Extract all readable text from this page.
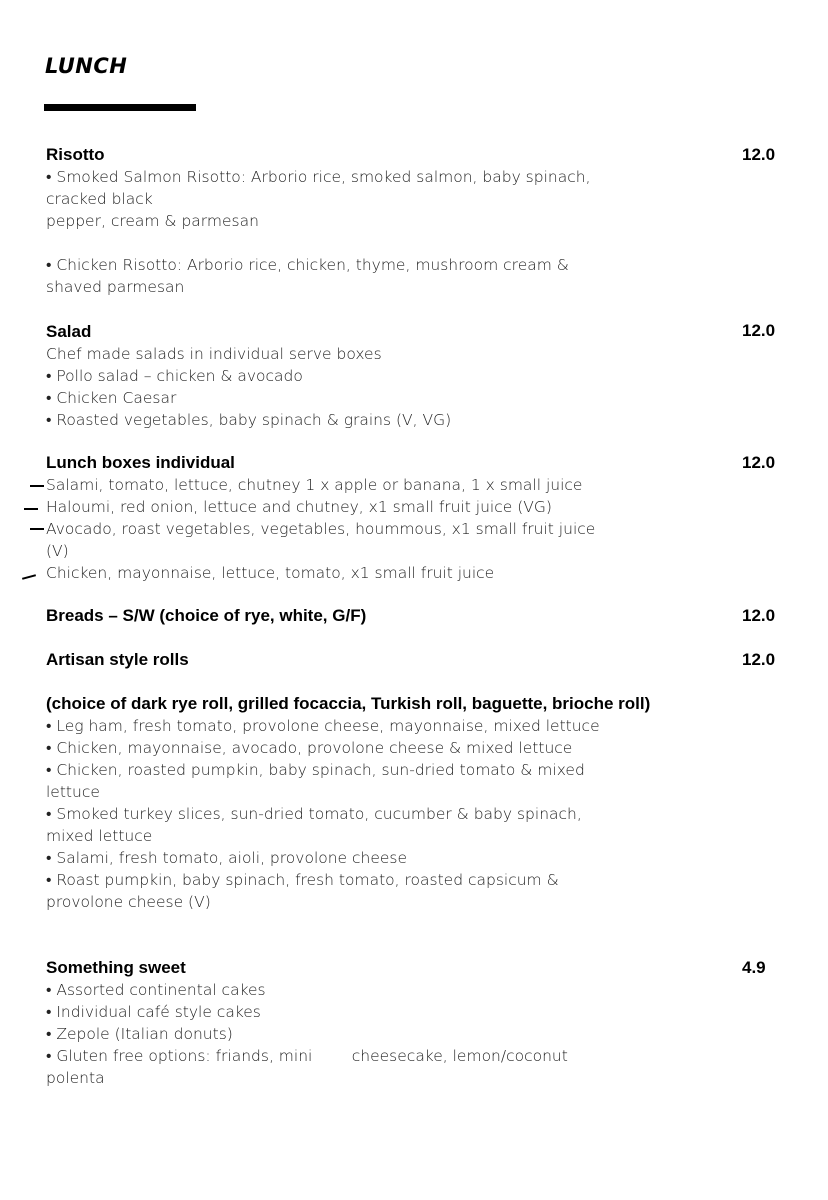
LUNCH
Risotto
• Smoked Salmon Risotto: Arborio rice, smoked salmon, baby spinach,
cracked black
pepper, cream & parmesan
• Chicken Risotto: Arborio rice, chicken, thyme, mushroom cream &
shaved parmesan
12.0
Salad
Chef made salads in individual serve boxes
• Pollo salad – chicken & avocado
• Chicken Caesar
• Roasted vegetables, baby spinach & grains (V, VG)
12.0
Lunch boxes individual
Salami, tomato, lettuce, chutney 1 x apple or banana, 1 x small juice
Haloumi, red onion, lettuce and chutney, x1 small fruit juice (VG)
Avocado, roast vegetables, vegetables, hoummous, x1 small fruit juice
(V)
Chicken, mayonnaise, lettuce, tomato, x1 small fruit juice
12.0
Breads – S/W (choice of rye, white, G/F)	12.0
Artisan style rolls	12.0
(choice of dark rye roll, grilled focaccia, Turkish roll, baguette, brioche roll)
• Leg ham, fresh tomato, provolone cheese, mayonnaise, mixed lettuce
• Chicken, mayonnaise, avocado, provolone cheese & mixed lettuce
• Chicken, roasted pumpkin, baby spinach, sun-dried tomato & mixed
lettuce
• Smoked turkey slices, sun-dried tomato, cucumber & baby spinach,
mixed lettuce
• Salami, fresh tomato, aioli, provolone cheese
• Roast pumpkin, baby spinach, fresh tomato, roasted capsicum &
provolone cheese (V)
Something sweet
• Assorted continental cakes
• Individual café style cakes
• Zepole (Italian donuts)
• Gluten free options: friands, mini        cheesecake, lemon/coconut
polenta
4.9
